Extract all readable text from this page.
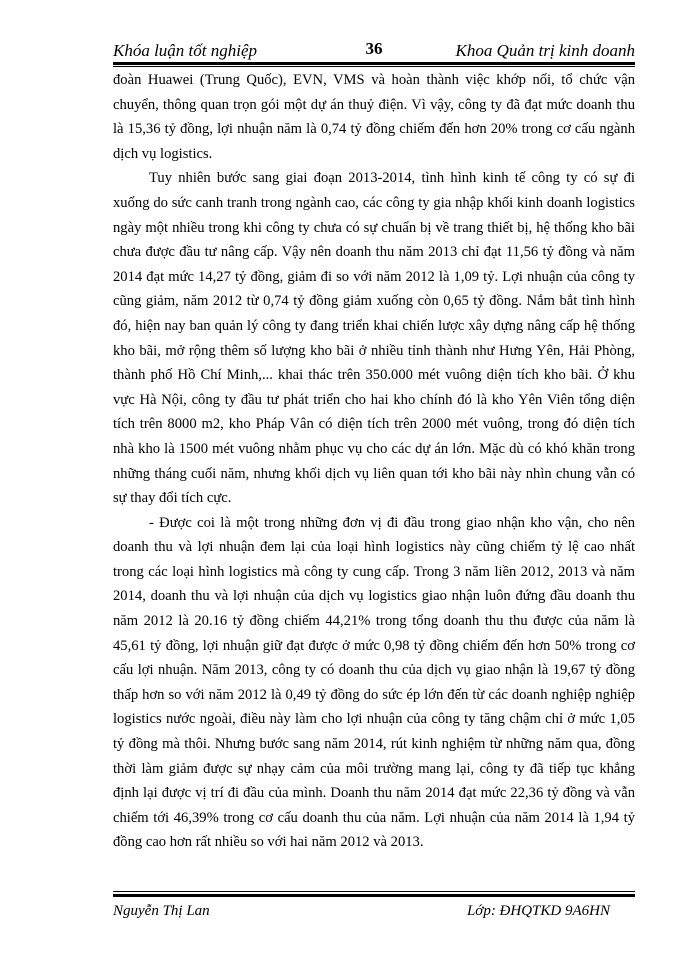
Khóa luận tốt nghiệp	36	Khoa Quản trị kinh doanh

đoàn Huawei (Trung Quốc), EVN, VMS và hoàn thành việc khớp nối, tổ chức vận chuyển, thông quan trọn gói một dự án thuỷ điện. Vì vậy, công ty đã đạt mức doanh thu là 15,36 tỷ đồng, lợi nhuận năm là 0,74 tỷ đồng chiếm đến hơn 20% trong cơ cấu ngành dịch vụ logistics.

Tuy nhiên bước sang giai đoạn 2013-2014, tình hình kinh tế công ty có sự đi xuống do sức canh tranh trong ngành cao, các công ty gia nhập khối kinh doanh logistics ngày một nhiều trong khi công ty chưa có sự chuẩn bị về trang thiết bị, hệ thống kho bãi chưa được đầu tư nâng cấp. Vậy nên doanh thu năm 2013 chỉ đạt 11,56 tỷ đồng và năm 2014 đạt mức 14,27 tỷ đồng, giảm đi so với năm 2012 là 1,09 tỷ. Lợi nhuận của công ty cũng giảm, năm 2012 từ 0,74 tỷ đồng giảm xuống còn 0,65 tỷ đồng. Nắm bắt tình hình đó, hiện nay ban quản lý công ty đang triển khai chiến lược xây dựng nâng cấp hệ thống kho bãi, mở rộng thêm số lượng kho bãi ở nhiều tỉnh thành như Hưng Yên, Hải Phòng, thành phố Hồ Chí Minh,... khai thác trên 350.000 mét vuông diện tích kho bãi. Ở khu vực Hà Nội, công ty đầu tư phát triển cho hai kho chính đó là kho Yên Viên tổng diện tích trên 8000 m2, kho Pháp Vân có diện tích trên 2000 mét vuông, trong đó diện tích nhà kho là 1500 mét vuông nhằm phục vụ cho các dự án lớn. Mặc dù có khó khăn trong những tháng cuối năm, nhưng khối dịch vụ liên quan tới kho bãi này nhìn chung vẫn có sự thay đổi tích cực.

- Được coi là một trong những đơn vị đi đầu trong giao nhận kho vận, cho nên doanh thu và lợi nhuận đem lại của loại hình logistics này cũng chiếm tỷ lệ cao nhất trong các loại hình logistics mà công ty cung cấp. Trong 3 năm liền 2012, 2013 và năm 2014, doanh thu và lợi nhuận của dịch vụ logistics giao nhận luôn đứng đầu doanh thu năm 2012 là 20.16 tỷ đồng chiếm 44,21% trong tổng doanh thu thu được của năm là 45,61 tỷ đồng, lợi nhuận giữ đạt được ở mức 0,98 tỷ đồng chiếm đến hơn 50% trong cơ cấu lợi nhuận. Năm 2013, công ty có doanh thu của dịch vụ giao nhận là 19,67 tỷ đồng thấp hơn so với năm 2012 là 0,49 tỷ đồng do sức ép lớn đến từ các doanh nghiệp nghiệp logistics nước ngoài, điều này làm cho lợi nhuận của công ty tăng chậm chỉ ở mức 1,05 tỷ đồng mà thôi. Nhưng bước sang năm 2014, rút kinh nghiệm từ những năm qua, đồng thời làm giảm được sự nhạy cảm của môi trường mang lại, công ty đã tiếp tục khẳng định lại được vị trí đi đầu của mình. Doanh thu năm 2014 đạt mức 22,36 tỷ đồng và vẫn chiếm tới 46,39% trong cơ cấu doanh thu của năm. Lợi nhuận của năm 2014 là 1,94 tỷ đồng cao hơn rất nhiều so với hai năm 2012 và 2013.

Nguyễn Thị Lan	Lớp: ĐHQTKD 9A6HN
